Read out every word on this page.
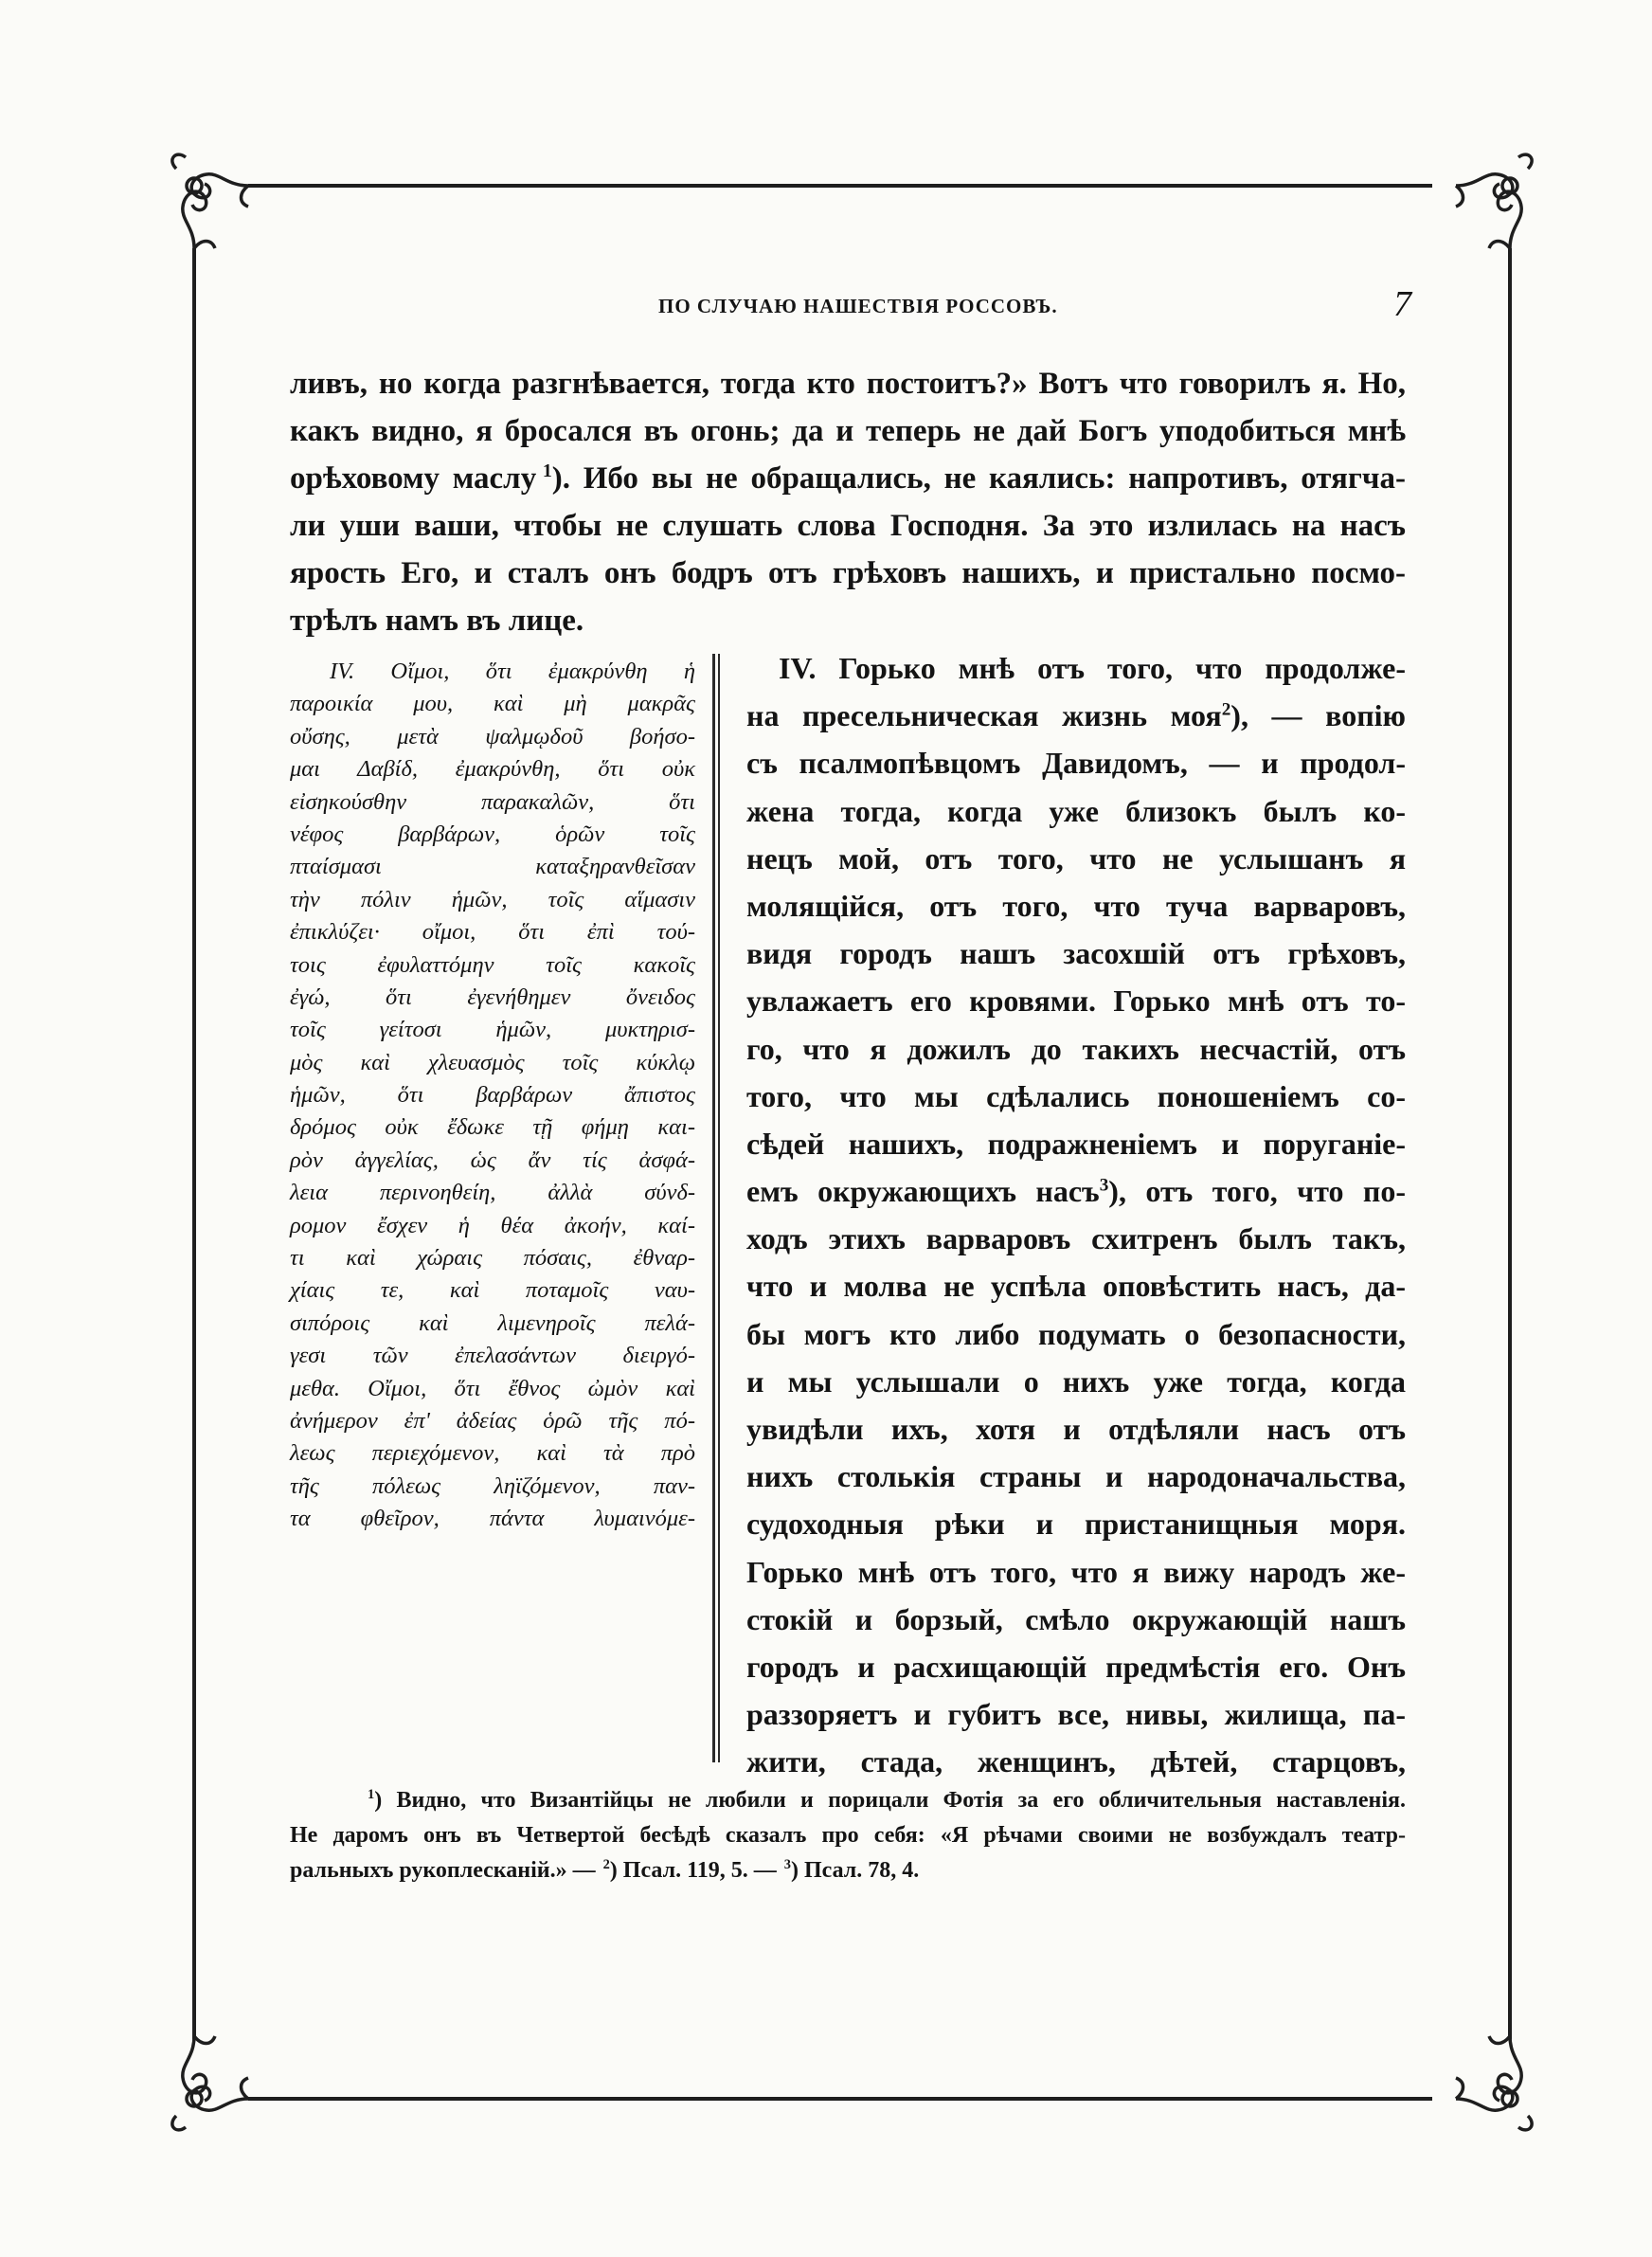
ПО СЛУЧАЮ НАШЕСТВІЯ РОССОВЪ.	7
ливъ, но когда разгнѣвается, тогда кто постоитъ?» Вотъ что говорилъ я. Но,
какъ видно, я бросался въ огонь; да и теперь не дай Богъ уподобиться мнѣ
орѣховому маслу  $^1$). Ибо вы не обращались, не каялись: напротивъ, отягча-
ли уши ваши, чтобы не слушать слова Господня. За это излилась на насъ
ярость Его, и сталъ онъ бодръ отъ грѣховъ нашихъ, и пристально посмо-
трѣлъ намъ въ лице.
IV. Οἴμοι, ὅτι ἐμακρύνθη ἡ
παροικία μου, καὶ μὴ μακρᾶς
οὔσης, μετὰ ψαλμῳδοῦ βοήσο-
μαι Δαβίδ, ἐμακρύνθη, ὅτι οὐκ
εἰσηκούσθην παρακαλῶν, ὅτι
νέφος βαρβάρων, ὁρῶν τοῖς
πταίσμασι καταξηρανθεῖσαν
τὴν πόλιν ἡμῶν, τοῖς αἵμασιν
ἐπικλύζει· οἴμοι, ὅτι ἐπὶ τού-
τοις ἐφυλαττόμην τοῖς κακοῖς
ἐγώ, ὅτι ἐγενήθημεν ὄνειδος
τοῖς γείτοσι ἡμῶν, μυκτηρισ-
μὸς καὶ χλευασμὸς τοῖς κύκλῳ
ἡμῶν, ὅτι βαρβάρων ἄπιστος
δρόμος οὐκ ἔδωκε τῇ φήμῃ και-
ρὸν ἀγγελίας, ὡς ἄν τίς ἀσφά-
λεια περινοηθείη, ἀλλὰ σύνδ-
ρομον ἔσχεν ἡ θέα ἀκοήν, καί-
τι καὶ χώραις πόσαις, ἐθναρ-
χίαις τε, καὶ ποταμοῖς ναυ-
σιπόροις καὶ λιμενηροῖς πελά-
γεσι τῶν ἐπελασάντων διειργό-
μεθα. Οἴμοι, ὅτι ἔθνος ὠμὸν καὶ
ἀνήμερον ἐπ' ἀδείας ὁρῶ τῆς πό-
λεως περιεχόμενον, καὶ τὰ πρὸ
τῆς πόλεως ληϊζόμενον, παν-
τα φθεῖρον, πάντα λυμαινόμε-
IV. Горько мнѣ отъ того, что продолже-
на пресельническая жизнь моя$^2$), — вопію
съ псалмопѣвцомъ Давидомъ, — и продол-
жена тогда, когда уже близокъ былъ ко-
нецъ мой, отъ того, что не услышанъ я
молящійся, отъ того, что туча варваровъ,
видя городъ нашъ засохшій отъ грѣховъ,
увлажаетъ его кровями. Горько мнѣ отъ то-
го, что я дожилъ до такихъ несчастій, отъ
того, что мы сдѣлались поношеніемъ со-
сѣдей нашихъ, подражненіемъ и поруганіе-
емъ окружающихъ насъ$^3$), отъ того, что по-
ходъ этихъ варваровъ схитренъ былъ такъ,
что и молва не успѣла оповѣстить насъ, да-
бы могъ кто либо подумать о безопасности,
и мы услышали о нихъ уже тогда, когда
увидѣли ихъ, хотя и отдѣляли насъ отъ
нихъ столькія страны и народоначальства,
судоходныя рѣки и пристанищныя моря.
Горько мнѣ отъ того, что я вижу народъ же-
стокій и борзый, смѣло окружающій нашъ
городъ и расхищающій предмѣстія его. Онъ
раззоряетъ и губитъ все, нивы, жилища, па-
жити, стада, женщинъ, дѣтей, старцовъ,
$^1$) Видно, что Византійцы не любили и порицали Фотія за его обличительныя наставленія.
Не даромъ онъ въ Четвертой бесѣдѣ сказалъ про себя: «Я рѣчами своими не возбуждалъ театр-
ральныхъ рукоплесканій.» — $^2$) Псал. 119, 5. — $^3$) Псал. 78, 4.
